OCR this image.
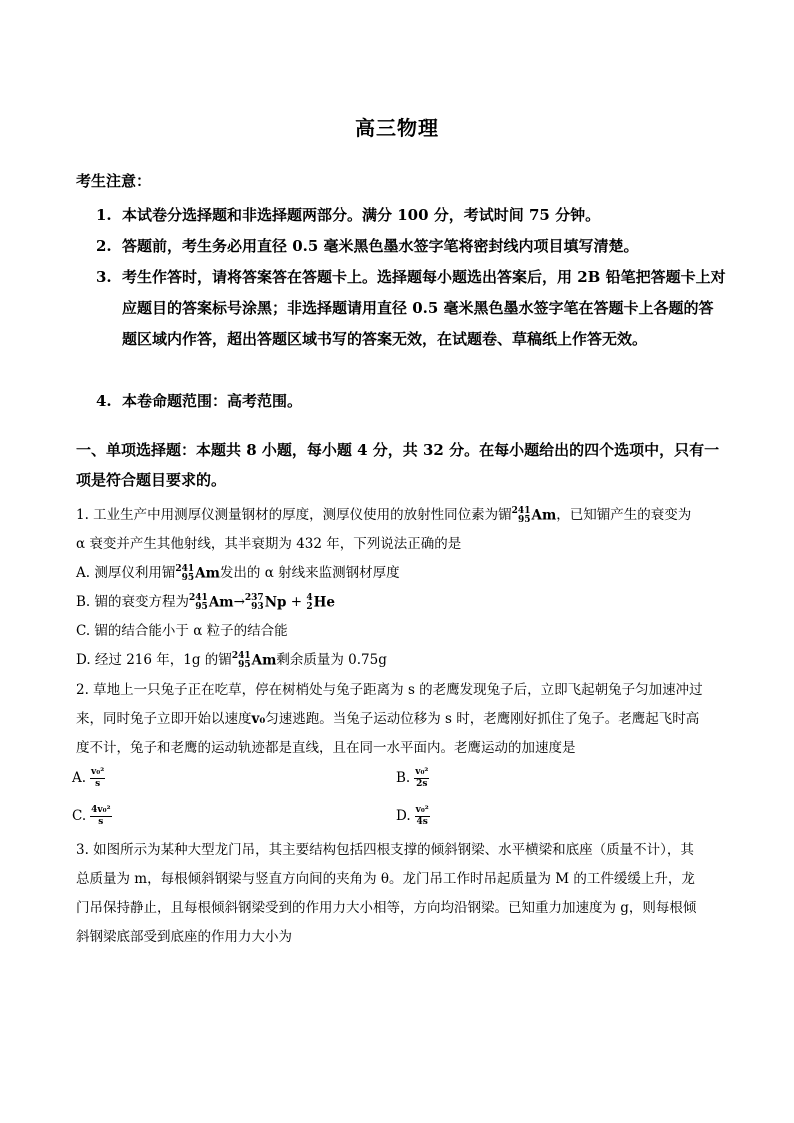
高三物理
考生注意：
1. 本试卷分选择题和非选择题两部分。满分 100 分，考试时间 75 分钟。
2. 答题前，考生务必用直径 0.5 毫米黑色墨水签字笔将密封线内项目填写清楚。
3. 考生作答时，请将答案答在答题卡上。选择题每小题选出答案后，用 2B 铅笔把答题卡上对应题目的答案标号涂黑；非选择题请用直径 0.5 毫米黑色墨水签字笔在答题卡上各题的答题区域内作答，超出答题区域书写的答案无效，在试题卷、草稿纸上作答无效。
4. 本卷命题范围：高考范围。
一、单项选择题：本题共 8 小题，每小题 4 分，共 32 分。在每小题给出的四个选项中，只有一项是符合题目要求的。
1. 工业生产中用测厚仪测量钢材的厚度，测厚仪使用的放射性同位素为镅241
95Am，已知镅产生的衰变为
α 衰变并产生其他射线，其半衰期为 432 年，下列说法正确的是
A. 测厚仪利用镅241
95Am发出的 α 射线来监测钢材厚度
B. 镅的衰变方程为241
95Am→237
93Np + 4
2He
C. 镅的结合能小于 α 粒子的结合能
D. 经过 216 年，1g 的镅241
95Am剩余质量为 0.75g
2. 草地上一只兔子正在吃草，停在树梢处与兔子距离为 s 的老鹰发现兔子后，立即飞起朝兔子匀加速冲过
来，同时兔子立即开始以速度v₀匀速逃跑。当兔子运动位移为 s 时，老鹰刚好抓住了兔子。老鹰起飞时高
度不计，兔子和老鹰的运动轨迹都是直线，且在同一水平面内。老鹰运动的加速度是
A. $\frac{\text{v₀²}}{s}$	B. $\frac{\text{v₀²}}{2s}$
C. $\frac{\text{4v₀²}}{s}$	D. $\frac{\text{v₀²}}{4s}$
3. 如图所示为某种大型龙门吊，其主要结构包括四根支撑的倾斜钢梁、水平横梁和底座（质量不计），其
总质量为 m，每根倾斜钢梁与竖直方向间的夹角为 θ。龙门吊工作时吊起质量为 M 的工件缓缓上升，龙
门吊保持静止，且每根倾斜钢梁受到的作用力大小相等，方向均沿钢梁。已知重力加速度为 g，则每根倾
斜钢梁底部受到底座的作用力大小为
